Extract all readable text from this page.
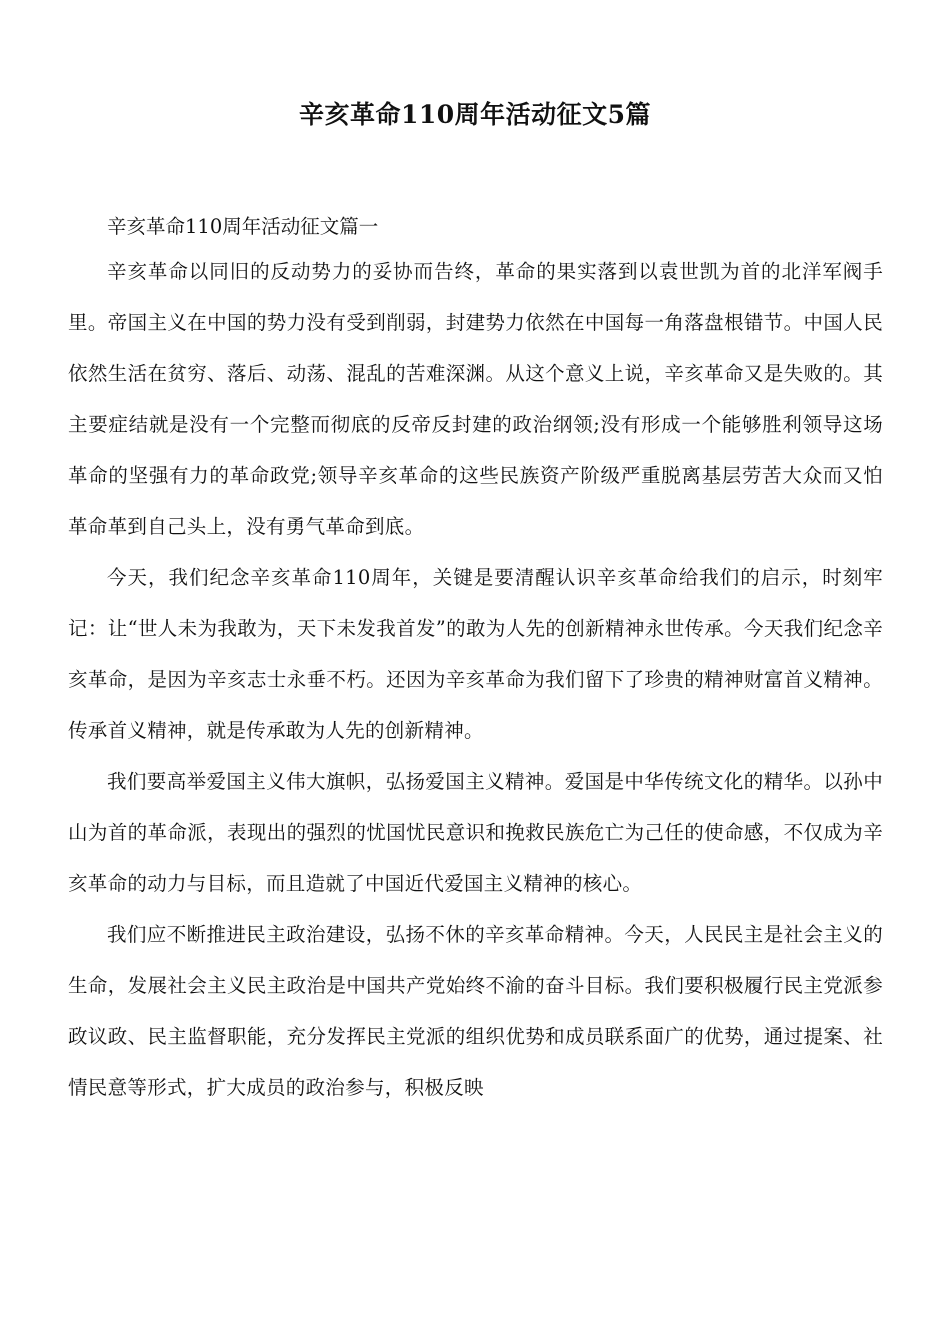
辛亥革命110周年活动征文5篇

辛亥革命110周年活动征文篇一

辛亥革命以同旧的反动势力的妥协而告终，革命的果实落到以袁世凯为首的北洋军阀手里。帝国主义在中国的势力没有受到削弱，封建势力依然在中国每一角落盘根错节。中国人民依然生活在贫穷、落后、动荡、混乱的苦难深渊。从这个意义上说，辛亥革命又是失败的。其主要症结就是没有一个完整而彻底的反帝反封建的政治纲领;没有形成一个能够胜利领导这场革命的坚强有力的革命政党;领导辛亥革命的这些民族资产阶级严重脱离基层劳苦大众而又怕革命革到自己头上，没有勇气革命到底。

今天，我们纪念辛亥革命110周年，关键是要清醒认识辛亥革命给我们的启示，时刻牢记：让“世人未为我敢为，天下未发我首发”的敢为人先的创新精神永世传承。今天我们纪念辛亥革命，是因为辛亥志士永垂不朽。还因为辛亥革命为我们留下了珍贵的精神财富首义精神。传承首义精神，就是传承敢为人先的创新精神。

我们要高举爱国主义伟大旗帜，弘扬爱国主义精神。爱国是中华传统文化的精华。以孙中山为首的革命派，表现出的强烈的忧国忧民意识和挽救民族危亡为己任的使命感，不仅成为辛亥革命的动力与目标，而且造就了中国近代爱国主义精神的核心。

我们应不断推进民主政治建设，弘扬不休的辛亥革命精神。今天，人民民主是社会主义的生命，发展社会主义民主政治是中国共产党始终不渝的奋斗目标。我们要积极履行民主党派参政议政、民主监督职能，充分发挥民主党派的组织优势和成员联系面广的优势，通过提案、社情民意等形式，扩大成员的政治参与，积极反映
